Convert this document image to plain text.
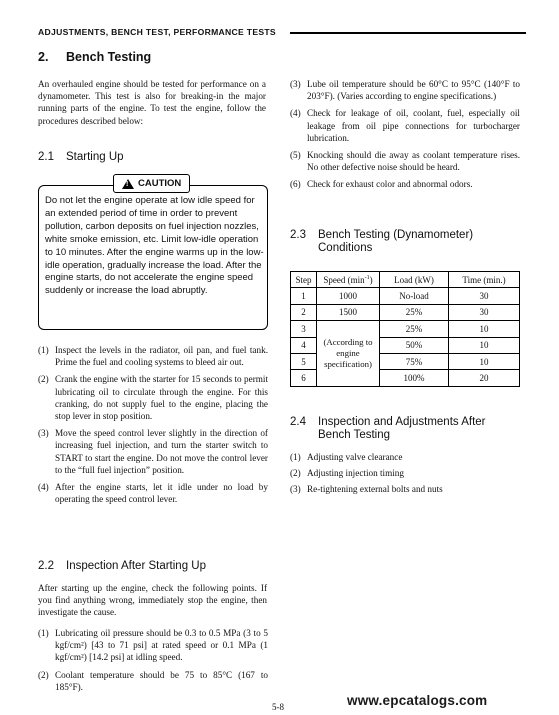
ADJUSTMENTS, BENCH TEST, PERFORMANCE TESTS
2. Bench Testing
An overhauled engine should be tested for performance on a dynamometer. This test is also for breaking-in the major running parts of the engine. To test the engine, follow the procedures described below:
2.1 Starting Up
! CAUTION
Do not let the engine operate at low idle speed for an extended period of time in order to prevent pollution, carbon deposits on fuel injection nozzles, white smoke emission, etc. Limit low-idle operation to 10 minutes. After the engine warms up in the low-idle operation, gradually increase the load. After the engine starts, do not accelerate the engine speed suddenly or increase the load abruptly.
(1) Inspect the levels in the radiator, oil pan, and fuel tank. Prime the fuel and cooling systems to bleed air out.
(2) Crank the engine with the starter for 15 seconds to permit lubricating oil to circulate through the engine. For this cranking, do not supply fuel to the engine, placing the stop lever in stop position.
(3) Move the speed control lever slightly in the direction of increasing fuel injection, and turn the starter switch to START to start the engine. Do not move the control lever to the “full fuel injection” position.
(4) After the engine starts, let it idle under no load by operating the speed control lever.
2.2 Inspection After Starting Up
After starting up the engine, check the following points. If you find anything wrong, immediately stop the engine, then investigate the cause.
(1) Lubricating oil pressure should be 0.3 to 0.5 MPa (3 to 5 kgf/cm²) [43 to 71 psi] at rated speed or 0.1 MPa (1 kgf/cm²) [14.2 psi] at idling speed.
(2) Coolant temperature should be 75 to 85°C (167 to 185°F).
(3) Lube oil temperature should be 60°C to 95°C (140°F to 203°F). (Varies according to engine specifications.)
(4) Check for leakage of oil, coolant, fuel, especially oil leakage from oil pipe connections for turbocharger lubrication.
(5) Knocking should die away as coolant temperature rises. No other defective noise should be heard.
(6) Check for exhaust color and abnormal odors.
2.3 Bench Testing (Dynamometer)
Conditions
Step	Speed $(\min^{-1})$	Load (kW)	Time (min.)
1	1000	No-load	30
2	1500	25%	30
3	(According to engine specification)	25%	10
4		50%	10
5		75%	10
6		100%	20
2.4 Inspection and Adjustments After
Bench Testing
(1) Adjusting valve clearance
(2) Adjusting injection timing
(3) Re-tightening external bolts and nuts
www.epcatalogs.com
5-8
